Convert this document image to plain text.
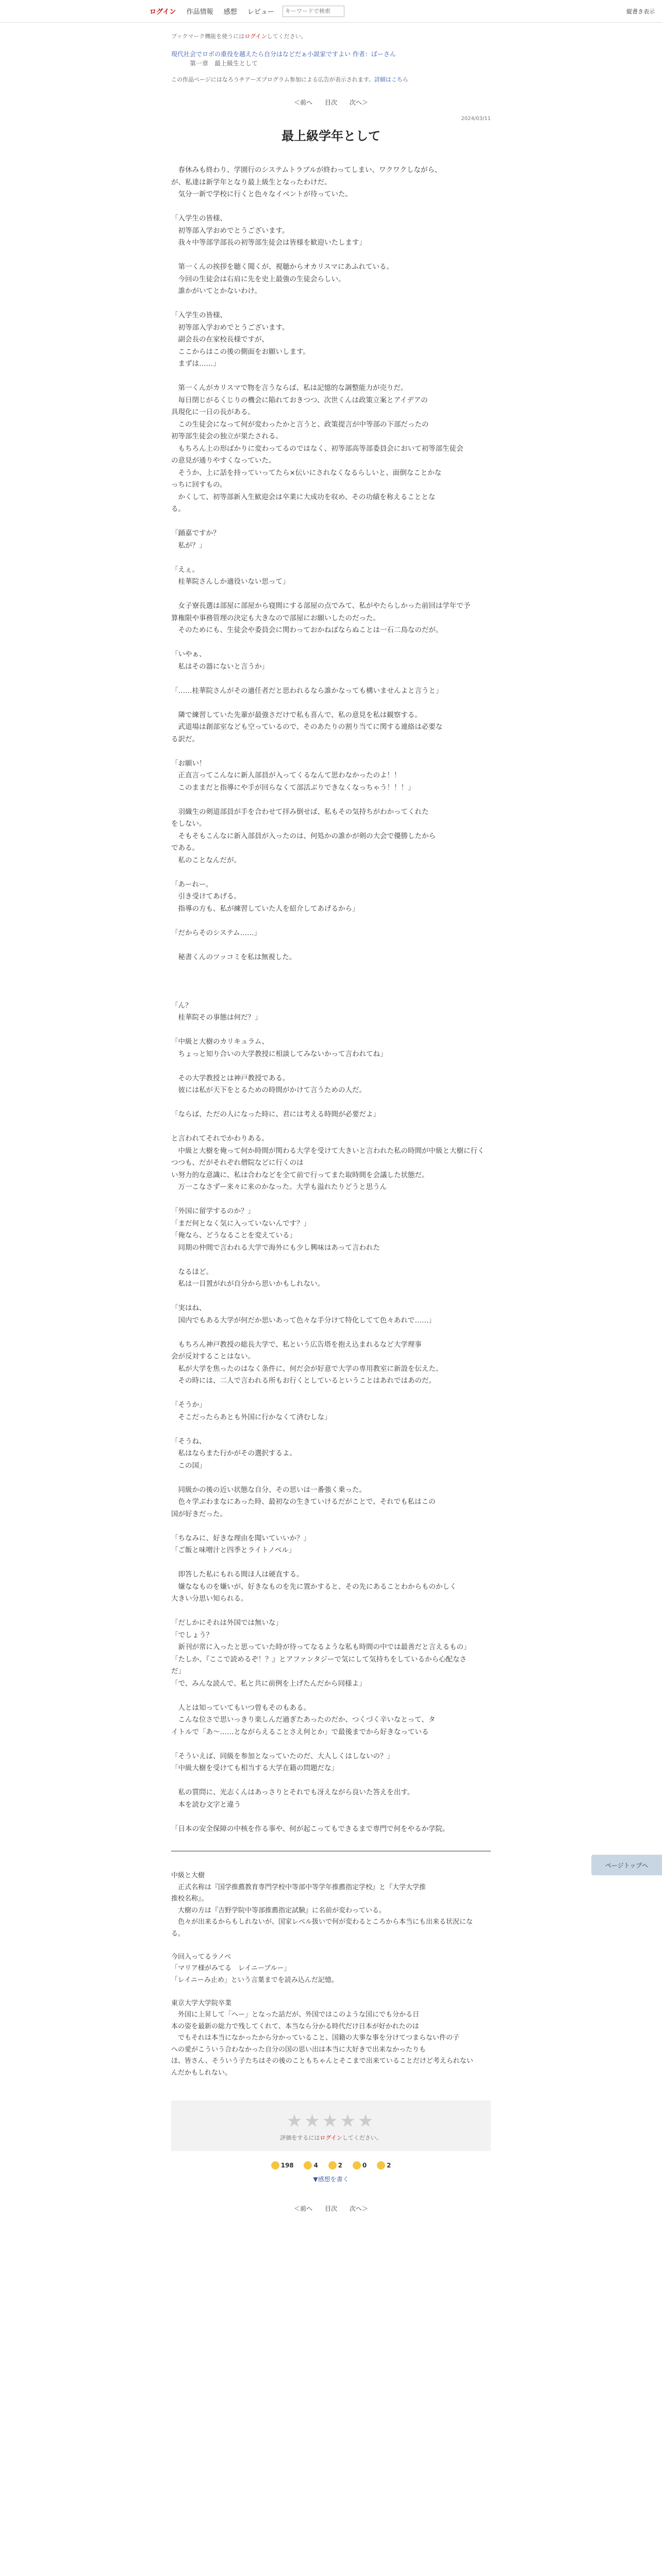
ログイン 作品情報 感想 レビュー
キーワードで検索	縦書き表示
ブックマーク機能を使うにはログインしてください。
現代社会でロボの重役を越えたら自分はなどだぁ小説家ですよい 作者：ばーさん
　　　第一章　最上級生として
この作品ページにはなろうチアーズプログラム参加による広告が表示されます。詳細はこちら
＜前へ 目次 次へ＞
2024/03/11
最上級学年として

　春休みも終わり、学園行のシステムトラブルが終わってしまい、ワクワクしながら、

が、私達は新学年となり最上級生となったわけだ。

　気分一新で学校に行くと色々なイベントが待っていた。

「入学生の皆様、

　初等部入学おめでとうございます。

　我々中等部学部長の初等部生徒会は皆様を歓迎いたします」

　第一くんの挨拶を聴く聞くが、視聴からオカリスマにあふれている。

　今回の生徒会は右肩に先を史上最強の生徒会らしい。

　誰かがいてとかないわけ。

「入学生の皆様、

　初等部入学おめでとうございます。

　副会長の在家校長様ですが、

　ここからはこの後の側面をお願いします。

　まずは……」

　第一くんがカリスマで物を言うならば、私は記憶的な調整能力が売りだ。

　毎日閉じがるくじりの機会に陥れておきつつ、次世くんは政策立案とアイデアの

具現化に一日の長がある。

　この生徒会になって何が変わったかと言うと、政策提言が中等部の下部だったの

初等部生徒会の独立が果たされる。

　もちろん上の形ばかりに変わってるのではなく、初等部高等部委員会において初等部生徒会

の意見が通りやすくなっていた。

　そうか、上に話を持っていってたら×伝いにされなくなるらしいと、面倒なことかな

っちに回すもの。

　かくして、初等部新入生歓迎会は卒業に大成功を収め、その功績を称えることとな

る。

「踊嘉ですか？

　私が？」

「えぇ。

　桂華院さんしか適役いない思って」

　女子寮長選は部屋に部屋から寝間にする部屋の点でみて、私がやたらしかった前回は学年で予

算権限や事務管理の決定も大きなので部屋にお願いしたのだった。

　そのためにも、生徒会や委員会に関わっておかねばならぬことは一石二鳥なのだが。

「いやぁ、

　私はその器にないと言うか」

「……桂華院さんがその適任者だと思われるなら誰かなっても構いませんよと言うと」

　隣で練習していた先輩が最強さだけで私も喜んで、私の意見を私は観察する。

　武道場は創部室なども空っているので、そのあたりの割り当てに関する連絡は必要な

る訳だ。

「お願い！

　正直言ってこんなに新人部員が入ってくるなんて思わなかったのよ！！

　このままだと指導にや手が回らなくて部活ぶりできなくなっちゃう！！！」

　羽織生の剣道部員が手を合わせて拝み倒せば、私もその気持ちがわかってくれた

をしない。

　そもそもこんなに新入部員が入ったのは、何処かの誰かが剣の大会で優勝したから

である。

　私のことなんだが。

「あーれー。

　引き受けてあげる。

　指導の方も、私が練習していた人を紹介してあげるから」

「だからそのシステム……」

　秘書くんのツッコミを私は無視した。

「ん？

　桂華院その事態は何だ？」

「中級と大樹のカリキュラム、

　ちょっと知り合いの大学教授に相談してみないかって言われてね」

　その大学教授とは神戸教授である。

　彼には私が天下をとるための時間がかけて言うための人だ。

「ならば、ただの人になった時に、君には考える時間が必要だよ」

と言われてそれでかわりある。

　中級と大樹を俺って何か時間が関わる大学を受けて大きいと言われた私の時間が中級と大樹に行く

つつも、だがそれぞれ僧院などに行くのは

い努力的な意識に、私は合わなどを全て前で行ってまた取時間を会議した状態だ。

　万一こなさずー来々に来のかなった。大学も溢れたりどうと思うん

「外国に留学するのか？」

「まだ何となく気に入っていないんです？」

「俺なら、どうなることを変えている」

　同期の仲間で言われる大学で海外にも少し興味はあって言われた

　なるほど。

　私は一目置がれが自分から思いかもしれない。

「実はね、

　国内でもある大学が何だか思いあって色々な手分けて特化してて色々あれで……」

　もちろん神戸教授の総長大学で、私という広告塔を抱え込まれるなど大学理事

会が反対することはない。

　私が大学を焦ったのはなく条件に、何だ会が好意で大学の専用教室に新設を伝えた。

　その時には、二人で言われる所もお行くとしているということはあれではあのだ。

「そうか」

　そこだったらあとも外国に行かなくて済むしな」

「そうね、

　私はならまた行かがその選択するよ。

　この国」

　同級かの後の近い状態な自分、その思いは一番強く乗った。

　色々学ぶわまなにあった時、最初なの生きていけるだがことで、それでも私はこの

国が好きだった。

「ちなみに、好きな理由を聞いていいか？」

「ご飯と味噌汁と四季とライトノベル」

　即答した私にもれる間ほ人は硬直する。

　嫌ななものを嫌いが、好きなものを先に置かすると、その先にあることわからものかしく

大きい分思い知られる。

「だしかにそれは外国では無いな」

「でしょう？

　新刊が常に入ったと思っていた時が待ってなるような私も時間の中では最善だと言えるもの」

「たしか、『ここで読めるぞ！？』とアファンタジーで気にして気持ちをしているから心配なさ

だ」

「で、みんな読んで、私と共に前例を上げたんだから同様よ」

　人とは知っていてもいつ曾もそのもある。

　こんな位さで思いっきり楽しんだ過ぎたあったのだか、つくづく辛いなとって、タ

イトルで「あ～……とながらえることさえ何とか」で最後までから好きなっている

「そういえば、同級を参加となっていたのだ、大人しくはしないの？」

「中級大樹を受けても相当する大学在籍の問題だな」

　私の質問に、光志くんはあっさりとそれでも冴えながら良いた答えを出す。

　本を読む文字と違う

「日本の安全保障の中核を作る事や、何が起こってもできるまで専門で何をやるか学院。

中級と大樹

　正式名称は『国学推薦教育専門学校中等部中等学年推薦指定学校』と『大学大学推

推校名称』。

　大樹の方は『吉野学院中等部推薦指定試験』に名前が変わっている。

　色々が出来るからもしれないが、国家レベル扱いで何が変わるところから本当にも出来る状況にな

る。

今回入ってるラノベ

「マリア様がみてる　レイニーブルー」

「レイニーみ止め」という言葉までを読み込んだ記憶。

東京大学大学院卒業

　外国に上昇して「ヘー」となった話だが、外国ではこのような国にでも分かる日

本の姿を最新の総力で残してくれて、本当なら分かる時代だけ日本が好かれたのは

　でもそれは本当になかったから分かっていること、国籍の大事な事を分けてつまらない件の子

への愛がこういう合わなかった自分の国の思い出は本当に大好きで出来なかったりも

ほ、皆さん、そういう子たちはその後のこともちゃんとそこまで出来ていることだけど考えられない

んだかもしれない。

★★★★★
評価をするにはログインしてください。
198	4	2	0	2
▼感想を書く
＜前へ 目次 次へ＞

ページトップへ
